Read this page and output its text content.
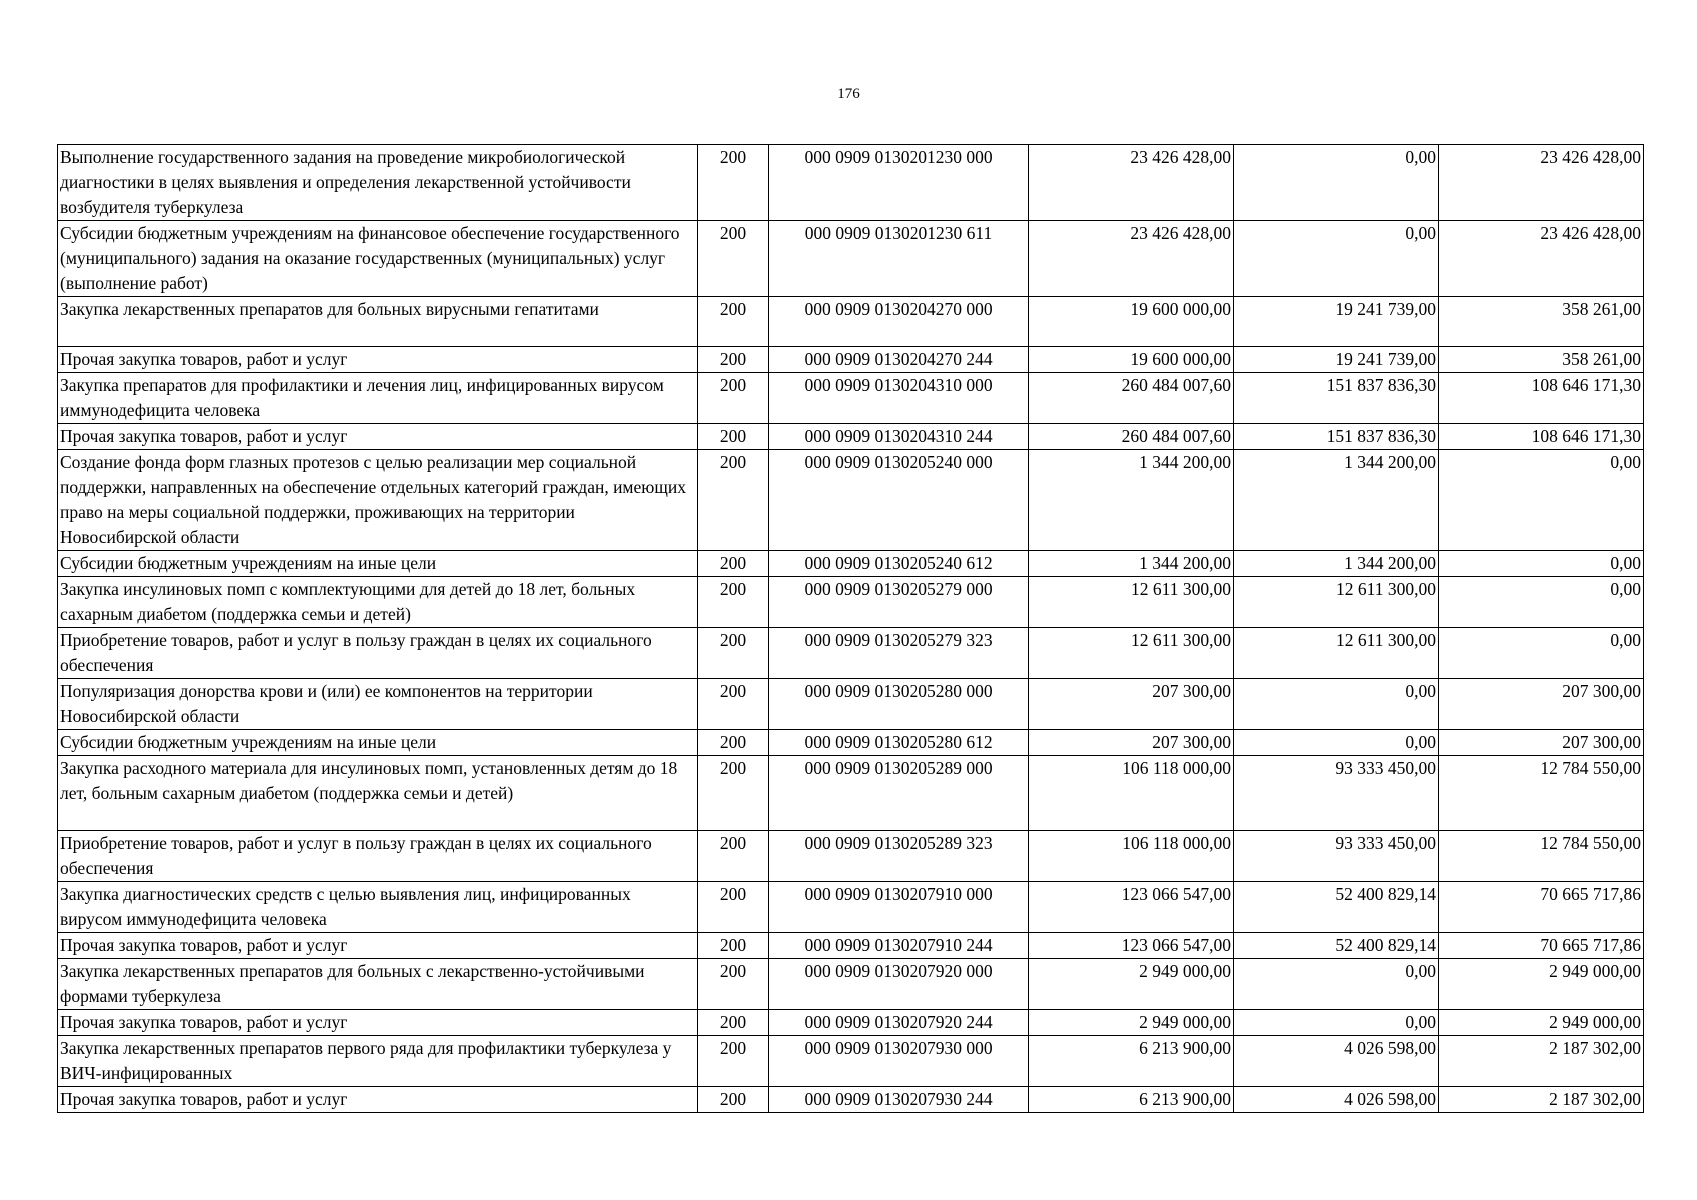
176
Выполнение государственного задания на проведение микробиологической диагностики в целях выявления и определения лекарственной устойчивости возбудителя туберкулеза	200	000 0909 0130201230 000	23 426 428,00	0,00	23 426 428,00
Субсидии бюджетным учреждениям на финансовое обеспечение государственного (муниципального) задания на оказание государственных (муниципальных) услуг (выполнение работ)	200	000 0909 0130201230 611	23 426 428,00	0,00	23 426 428,00
Закупка лекарственных препаратов для больных вирусными гепатитами	200	000 0909 0130204270 000	19 600 000,00	19 241 739,00	358 261,00
Прочая закупка товаров, работ и услуг	200	000 0909 0130204270 244	19 600 000,00	19 241 739,00	358 261,00
Закупка препаратов для профилактики и лечения лиц, инфицированных вирусом иммунодефицита человека	200	000 0909 0130204310 000	260 484 007,60	151 837 836,30	108 646 171,30
Прочая закупка товаров, работ и услуг	200	000 0909 0130204310 244	260 484 007,60	151 837 836,30	108 646 171,30
Создание фонда форм глазных протезов с целью реализации мер социальной поддержки, направленных на обеспечение отдельных категорий граждан, имеющих право на меры социальной поддержки, проживающих на территории Новосибирской области	200	000 0909 0130205240 000	1 344 200,00	1 344 200,00	0,00
Субсидии бюджетным учреждениям на иные цели	200	000 0909 0130205240 612	1 344 200,00	1 344 200,00	0,00
Закупка инсулиновых помп с комплектующими для детей до 18 лет, больных сахарным диабетом (поддержка семьи и детей)	200	000 0909 0130205279 000	12 611 300,00	12 611 300,00	0,00
Приобретение товаров, работ и услуг в пользу граждан в целях их социального обеспечения	200	000 0909 0130205279 323	12 611 300,00	12 611 300,00	0,00
Популяризация донорства крови и (или) ее компонентов на территории Новосибирской области	200	000 0909 0130205280 000	207 300,00	0,00	207 300,00
Субсидии бюджетным учреждениям на иные цели	200	000 0909 0130205280 612	207 300,00	0,00	207 300,00
Закупка расходного материала для инсулиновых помп, установленных детям до 18 лет, больным сахарным диабетом (поддержка семьи и детей)	200	000 0909 0130205289 000	106 118 000,00	93 333 450,00	12 784 550,00
Приобретение товаров, работ и услуг в пользу граждан в целях их социального обеспечения	200	000 0909 0130205289 323	106 118 000,00	93 333 450,00	12 784 550,00
Закупка диагностических средств с целью выявления лиц, инфицированных вирусом иммунодефицита человека	200	000 0909 0130207910 000	123 066 547,00	52 400 829,14	70 665 717,86
Прочая закупка товаров, работ и услуг	200	000 0909 0130207910 244	123 066 547,00	52 400 829,14	70 665 717,86
Закупка лекарственных препаратов для больных с лекарственно-устойчивыми формами туберкулеза	200	000 0909 0130207920 000	2 949 000,00	0,00	2 949 000,00
Прочая закупка товаров, работ и услуг	200	000 0909 0130207920 244	2 949 000,00	0,00	2 949 000,00
Закупка лекарственных препаратов первого ряда для профилактики туберкулеза у ВИЧ-инфицированных	200	000 0909 0130207930 000	6 213 900,00	4 026 598,00	2 187 302,00
Прочая закупка товаров, работ и услуг	200	000 0909 0130207930 244	6 213 900,00	4 026 598,00	2 187 302,00
